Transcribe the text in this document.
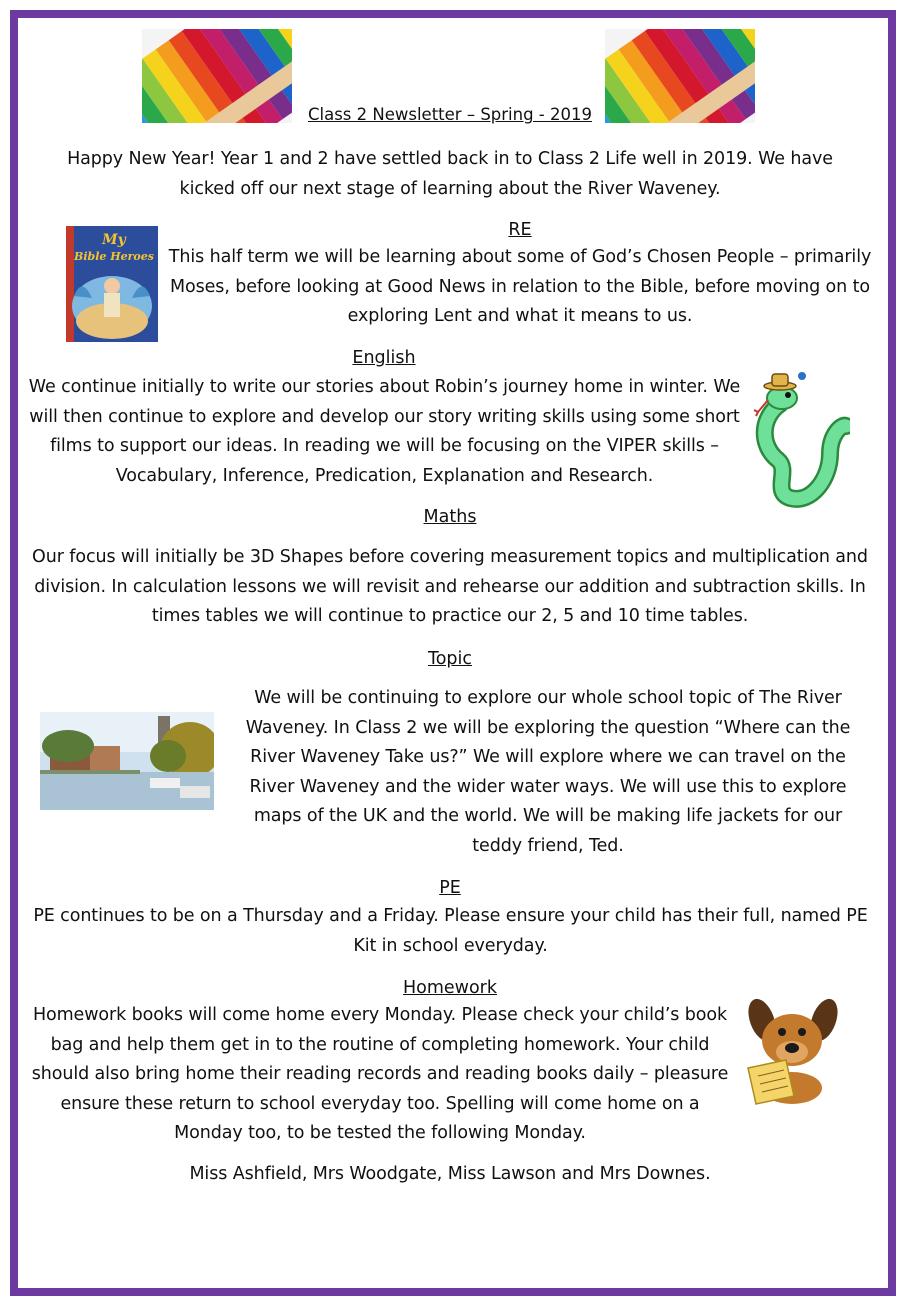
Class 2 Newsletter – Spring - 2019
Happy New Year! Year 1 and 2 have settled back in to Class 2 Life well in 2019. We have kicked off our next stage of learning about the River Waveney.
RE
My
Bible Heroes This half term we will be learning about some of God’s Chosen People – primarily Moses, before looking at Good News in relation to the Bible, before moving on to exploring Lent and what it means to us.
English
We continue initially to write our stories about Robin’s journey home in winter. We will then continue to explore and develop our story writing skills using some short films to support our ideas. In reading we will be focusing on the VIPER skills – Vocabulary, Inference, Predication, Explanation and Research.
Maths
Our focus will initially be 3D Shapes before covering measurement topics and multiplication and division. In calculation lessons we will revisit and rehearse our addition and subtraction skills. In times tables we will continue to practice our 2, 5 and 10 time tables.
Topic
We will be continuing to explore our whole school topic of The River Waveney. In Class 2 we will be exploring the question “Where can the River Waveney Take us?” We will explore where we can travel on the River Waveney and the wider water ways. We will use this to explore maps of the UK and the world. We will be making life jackets for our teddy friend, Ted.
PE
PE continues to be on a Thursday and a Friday. Please ensure your child has their full, named PE Kit in school everyday.
Homework
Homework books will come home every Monday. Please check your child’s book bag and help them get in to the routine of completing homework. Your child should also bring home their reading records and reading books daily – pleasure ensure these return to school everyday too. Spelling will come home on a Monday too, to be tested the following Monday.
Miss Ashfield, Mrs Woodgate, Miss Lawson and Mrs Downes.
